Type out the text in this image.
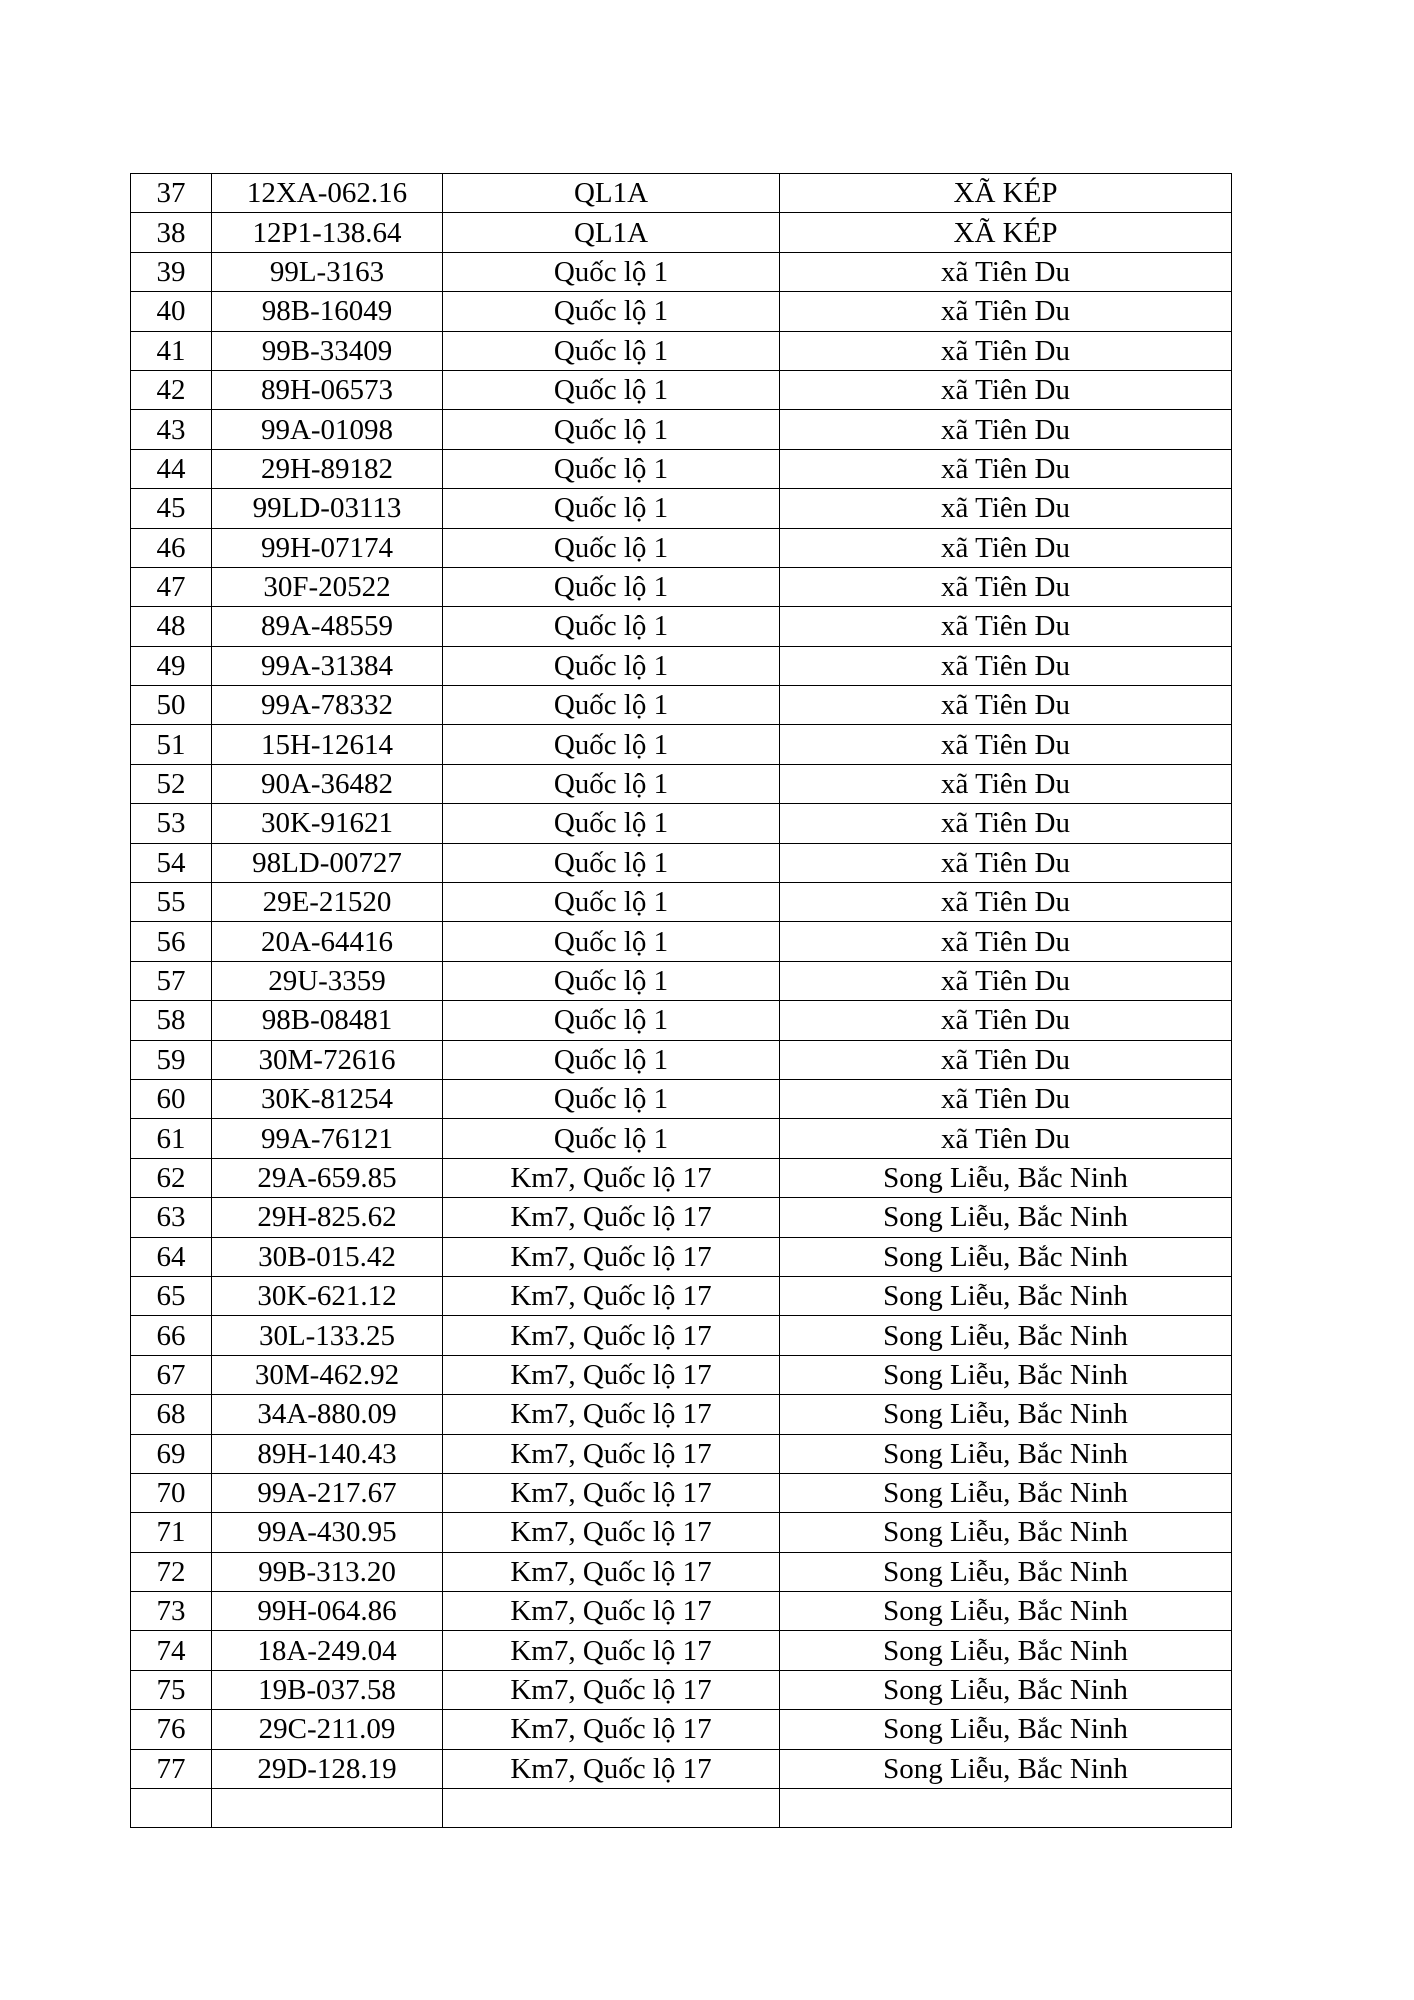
37	12XA-062.16	QL1A	XÃ KÉP
38	12P1-138.64	QL1A	XÃ KÉP
39	99L-3163	Quốc lộ 1	xã Tiên Du
40	98B-16049	Quốc lộ 1	xã Tiên Du
41	99B-33409	Quốc lộ 1	xã Tiên Du
42	89H-06573	Quốc lộ 1	xã Tiên Du
43	99A-01098	Quốc lộ 1	xã Tiên Du
44	29H-89182	Quốc lộ 1	xã Tiên Du
45	99LD-03113	Quốc lộ 1	xã Tiên Du
46	99H-07174	Quốc lộ 1	xã Tiên Du
47	30F-20522	Quốc lộ 1	xã Tiên Du
48	89A-48559	Quốc lộ 1	xã Tiên Du
49	99A-31384	Quốc lộ 1	xã Tiên Du
50	99A-78332	Quốc lộ 1	xã Tiên Du
51	15H-12614	Quốc lộ 1	xã Tiên Du
52	90A-36482	Quốc lộ 1	xã Tiên Du
53	30K-91621	Quốc lộ 1	xã Tiên Du
54	98LD-00727	Quốc lộ 1	xã Tiên Du
55	29E-21520	Quốc lộ 1	xã Tiên Du
56	20A-64416	Quốc lộ 1	xã Tiên Du
57	29U-3359	Quốc lộ 1	xã Tiên Du
58	98B-08481	Quốc lộ 1	xã Tiên Du
59	30M-72616	Quốc lộ 1	xã Tiên Du
60	30K-81254	Quốc lộ 1	xã Tiên Du
61	99A-76121	Quốc lộ 1	xã Tiên Du
62	29A-659.85	Km7, Quốc lộ 17	Song Liễu, Bắc Ninh
63	29H-825.62	Km7, Quốc lộ 17	Song Liễu, Bắc Ninh
64	30B-015.42	Km7, Quốc lộ 17	Song Liễu, Bắc Ninh
65	30K-621.12	Km7, Quốc lộ 17	Song Liễu, Bắc Ninh
66	30L-133.25	Km7, Quốc lộ 17	Song Liễu, Bắc Ninh
67	30M-462.92	Km7, Quốc lộ 17	Song Liễu, Bắc Ninh
68	34A-880.09	Km7, Quốc lộ 17	Song Liễu, Bắc Ninh
69	89H-140.43	Km7, Quốc lộ 17	Song Liễu, Bắc Ninh
70	99A-217.67	Km7, Quốc lộ 17	Song Liễu, Bắc Ninh
71	99A-430.95	Km7, Quốc lộ 17	Song Liễu, Bắc Ninh
72	99B-313.20	Km7, Quốc lộ 17	Song Liễu, Bắc Ninh
73	99H-064.86	Km7, Quốc lộ 17	Song Liễu, Bắc Ninh
74	18A-249.04	Km7, Quốc lộ 17	Song Liễu, Bắc Ninh
75	19B-037.58	Km7, Quốc lộ 17	Song Liễu, Bắc Ninh
76	29C-211.09	Km7, Quốc lộ 17	Song Liễu, Bắc Ninh
77	29D-128.19	Km7, Quốc lộ 17	Song Liễu, Bắc Ninh
